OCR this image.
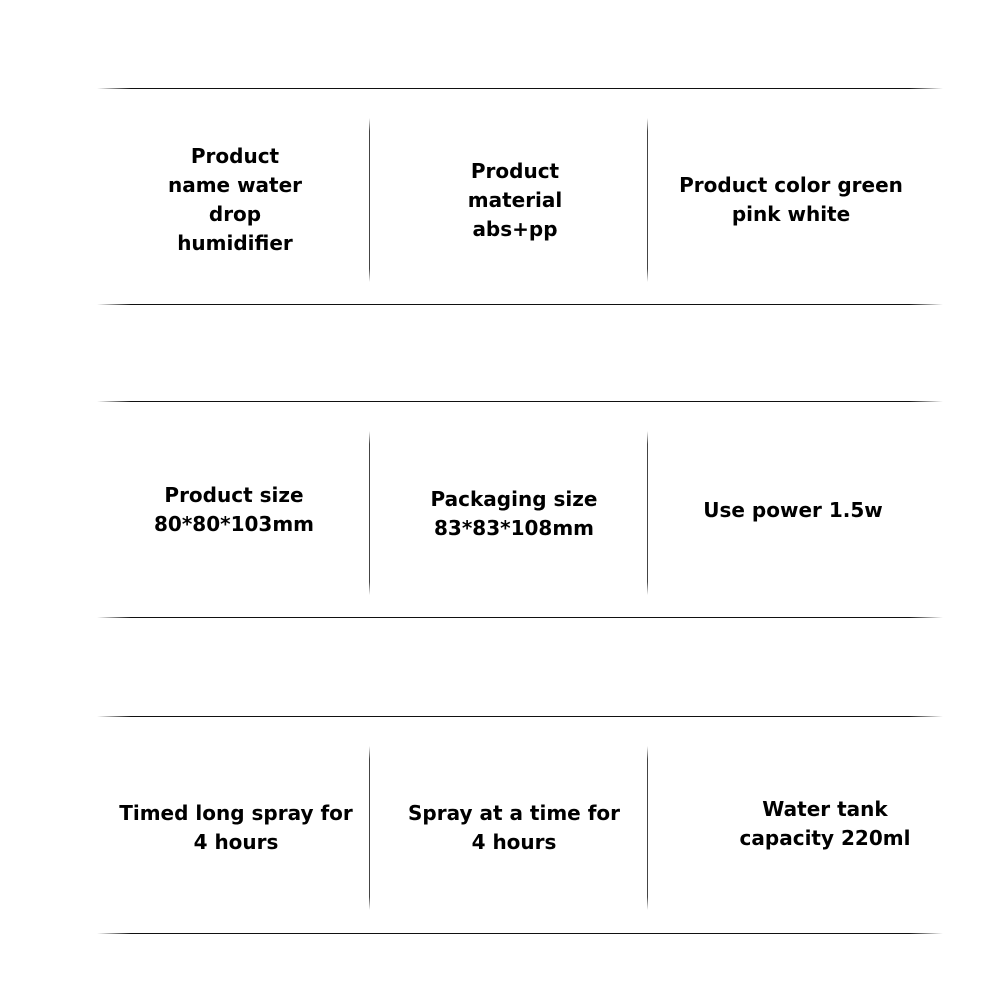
Product name water drop humidifier
Product material abs+pp
Product color green pink white
Product size 80*80*103mm
Packaging size 83*83*108mm
Use power 1.5w
Timed long spray for 4 hours
Spray at a time for 4 hours
Water tank capacity 220ml
